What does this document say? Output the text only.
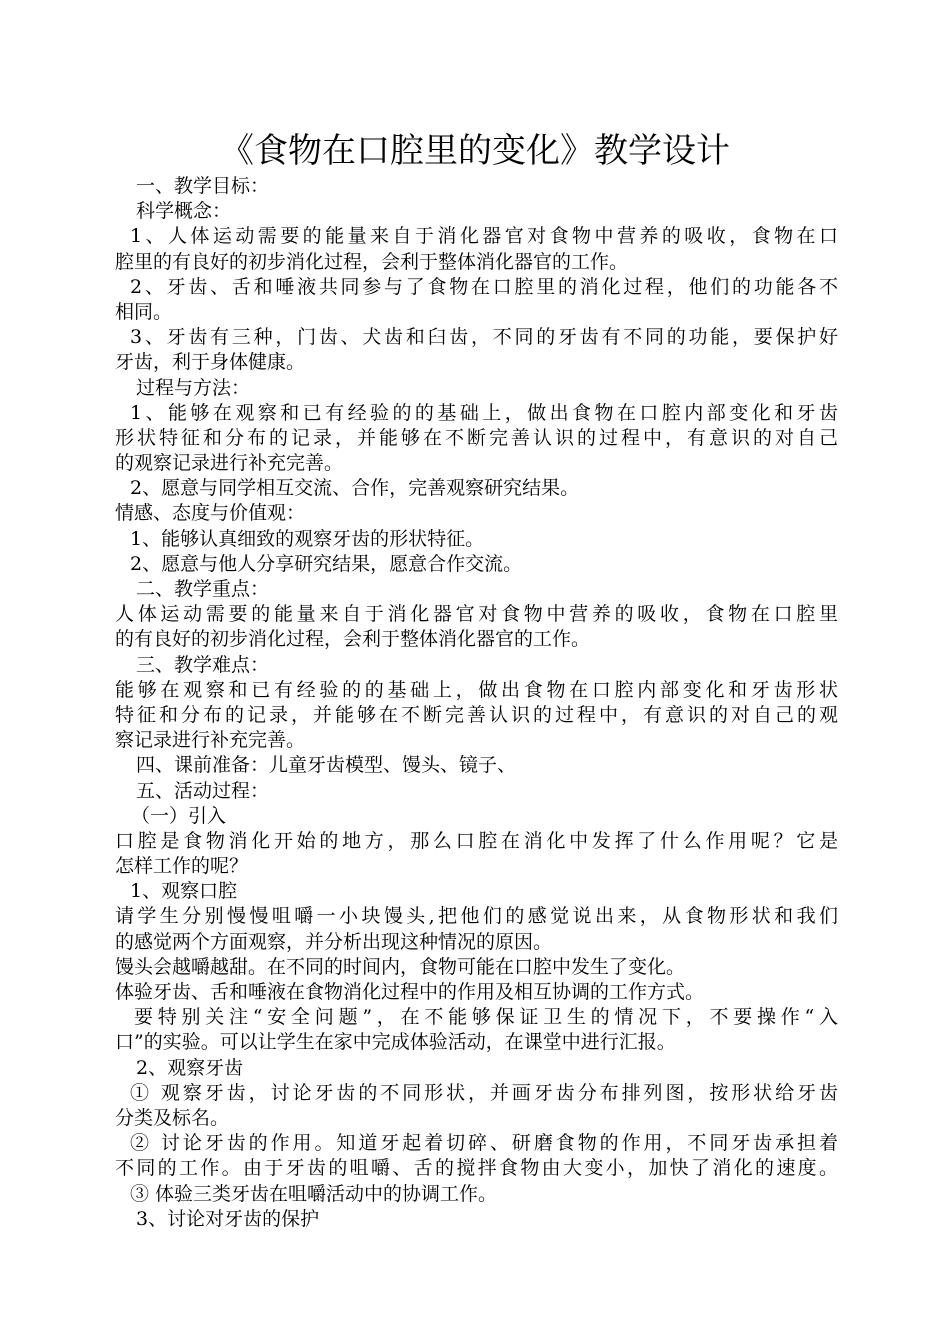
《食物在口腔里的变化》教学设计
一、教学目标：
科学概念：
1、人体运动需要的能量来自于消化器官对食物中营养的吸收，食物在口
腔里的有良好的初步消化过程，会利于整体消化器官的工作。
2、牙齿、舌和唾液共同参与了食物在口腔里的消化过程，他们的功能各不
相同。
3、牙齿有三种，门齿、犬齿和臼齿，不同的牙齿有不同的功能，要保护好
牙齿，利于身体健康。
过程与方法：
1、能够在观察和已有经验的的基础上，做出食物在口腔内部变化和牙齿
形状特征和分布的记录，并能够在不断完善认识的过程中，有意识的对自己
的观察记录进行补充完善。
2、愿意与同学相互交流、合作，完善观察研究结果。
情感、态度与价值观：
1、能够认真细致的观察牙齿的形状特征。
2、愿意与他人分享研究结果，愿意合作交流。
二、教学重点：
人体运动需要的能量来自于消化器官对食物中营养的吸收，食物在口腔里
的有良好的初步消化过程，会利于整体消化器官的工作。
三、教学难点：
能够在观察和已有经验的的基础上，做出食物在口腔内部变化和牙齿形状
特征和分布的记录，并能够在不断完善认识的过程中，有意识的对自己的观
察记录进行补充完善。
四、课前准备：儿童牙齿模型、馒头、镜子、
五、活动过程：
（一）引入
口腔是食物消化开始的地方，那么口腔在消化中发挥了什么作用呢？它是
怎样工作的呢？
1、观察口腔
请学生分别慢慢咀嚼一小块馒头,把他们的感觉说出来，从食物形状和我们
的感觉两个方面观察，并分析出现这种情况的原因。
馒头会越嚼越甜。在不同的时间内，食物可能在口腔中发生了变化。
体验牙齿、舌和唾液在食物消化过程中的作用及相互协调的工作方式。
要特别关注“安全问题”，在不能够保证卫生的情况下，不要操作“入
口”的实验。可以让学生在家中完成体验活动，在课堂中进行汇报。
2、观察牙齿
① 观察牙齿，讨论牙齿的不同形状，并画牙齿分布排列图，按形状给牙齿
分类及标名。
② 讨论牙齿的作用。知道牙起着切碎、研磨食物的作用，不同牙齿承担着
不同的工作。由于牙齿的咀嚼、舌的搅拌食物由大变小，加快了消化的速度。
③ 体验三类牙齿在咀嚼活动中的协调工作。
3、讨论对牙齿的保护
